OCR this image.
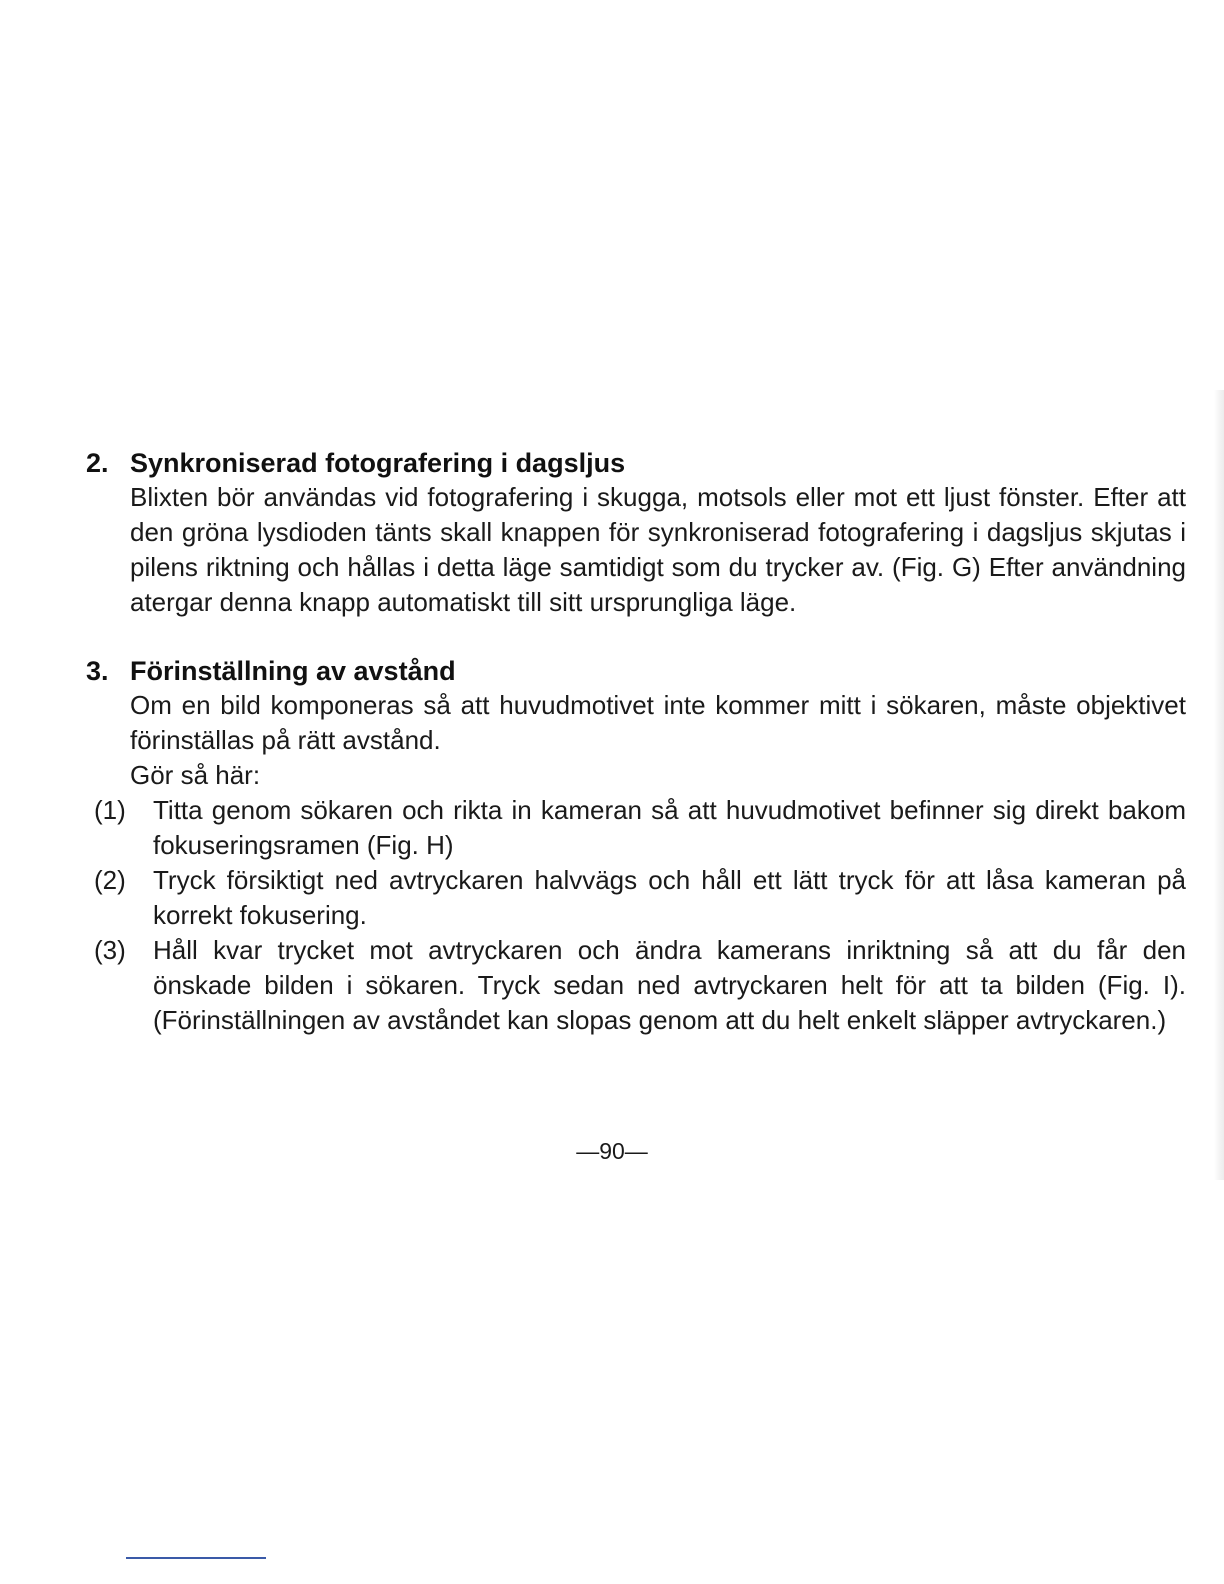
2. Synkroniserad fotografering i dagsljus

Blixten bör användas vid fotografering i skugga, motsols eller mot ett ljust fönster. Efter att den gröna lysdioden tänts skall knappen för synkroniserad fotografering i dagsljus skjutas i pilens riktning och hållas i detta läge samtidigt som du trycker av. (Fig. G) Efter användning atergar denna knapp automatiskt till sitt ursprungliga läge.

3. Förinställning av avstånd

Om en bild komponeras så att huvudmotivet inte kommer mitt i sökaren, måste objektivet förinställas på rätt avstånd.

Gör så här:

(1)	Titta genom sökaren och rikta in kameran så att huvudmotivet befinner sig direkt bakom fokuseringsramen (Fig. H)
(2)	Tryck försiktigt ned avtryckaren halvvägs och håll ett lätt tryck för att låsa kameran på korrekt fokusering.
(3)	Håll kvar trycket mot avtryckaren och ändra kamerans inriktning så att du får den önskade bilden i sökaren. Tryck sedan ned avtryckaren helt för att ta bilden (Fig. I). (Förinställningen av avståndet kan slopas genom att du helt enkelt släpper avtryckaren.)
—90—
